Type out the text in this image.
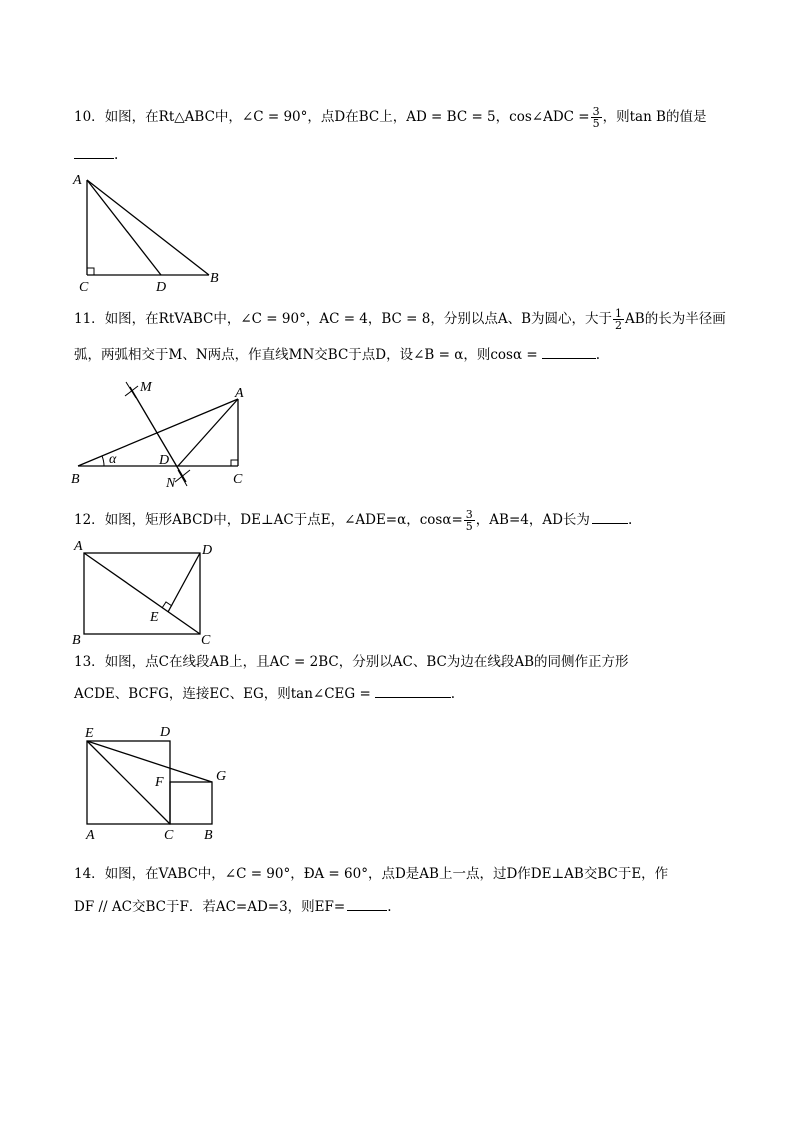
10．如图，在Rt△ABC中，∠C = 90°，点D在BC上，AD = BC = 5，cos∠ADC = $\frac{3}{5}$ ，则tan B的值是
.
A
C	D
B
11．如图，在RtVABC中，∠C = 90°，AC = 4，BC = 8，分别以点A、B为圆心，大于 $\frac{1}{2}$ AB的长为半径画
弧，两弧相交于M、N两点，作直线MN交BC于点D，设∠B = α，则cosα =	.
M	A
B
α	D
N	C
12．如图，矩形ABCD中，DE⊥AC于点E，∠ADE=α，$\cos\alpha= \frac{3}{5}$ ，AB=4，AD长为	.
A	D
E
B	C
13．如图，点C在线段AB上，且AC = 2BC，分别以AC、BC为边在线段AB的同侧作正方形
ACDE、BCFG，连接EC、EG，则tan∠CEG =	.
E	D
F	G
A	C B
14．如图，在VABC中，∠C = 90°，ÐA = 60°，点D是AB上一点，过D作DE⊥AB交BC于E，作
DF // AC交BC于F．若AC=AD=3，则EF=	.
